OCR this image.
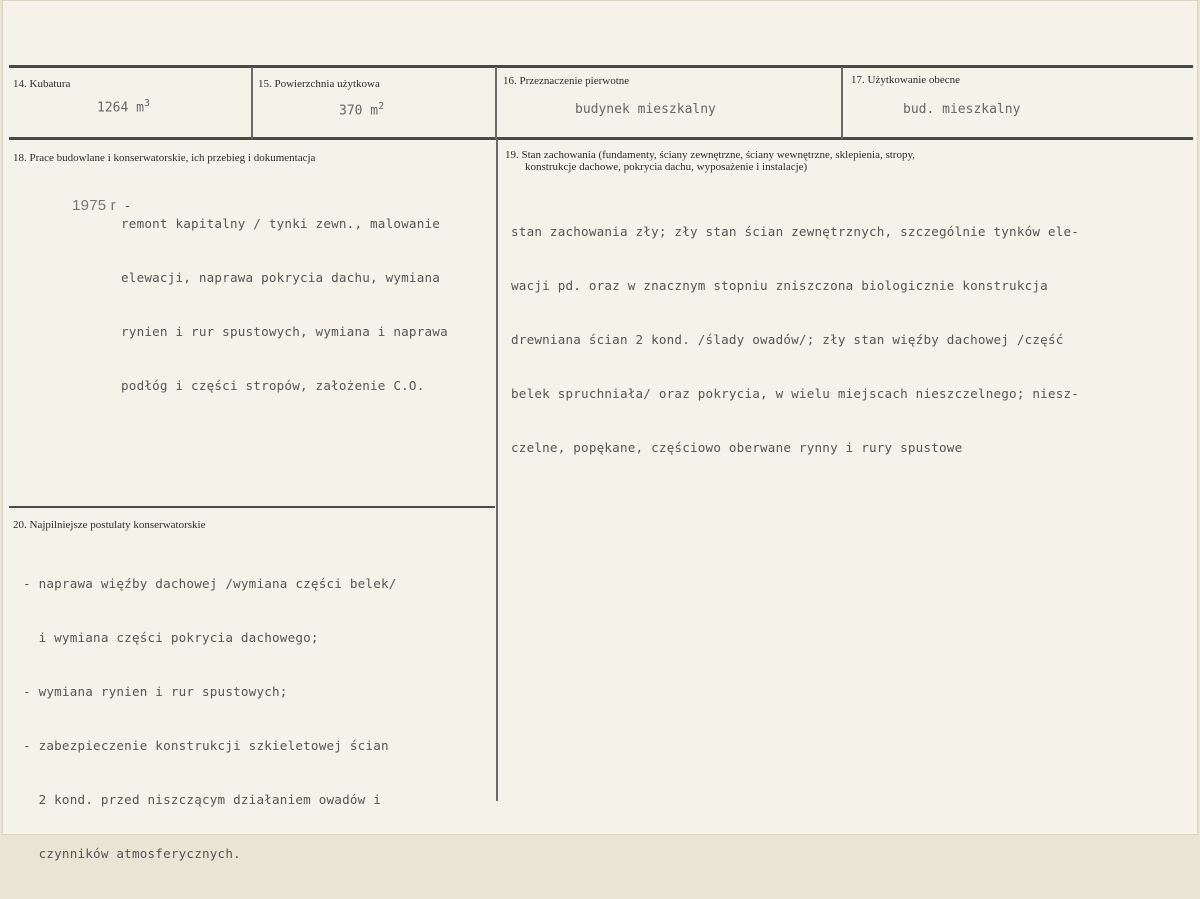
14. Kubatura
1264 $m^3$
15. Powierzchnia użytkowa
370 $m^2$
16. Przeznaczenie pierwotne
budynek mieszkalny
17. Użytkowanie obecne
bud. mieszkalny
18. Prace budowlane i konserwatorskie, ich przebieg i dokumentacja

1975 r -

remont kapitalny / tynki zewn., malowanie

elewacji, naprawa pokrycia dachu, wymiana

rynien i rur spustowych, wymiana i naprawa

podłóg i części stropów, założenie C.O.

19. Stan zachowania (fundamenty, ściany zewnętrzne, ściany wewnętrzne, sklepienia, stropy,
konstrukcje dachowe, pokrycia dachu, wyposażenie i instalacje)

stan zachowania zły; zły stan ścian zewnętrznych, szczególnie tynków ele-

wacji pd. oraz w znacznym stopniu zniszczona biologicznie konstrukcja

drewniana ścian 2 kond. /ślady owadów/; zły stan więźby dachowej /część

belek spruchniała/ oraz pokrycia, w wielu miejscach nieszczelnego; niesz-

czelne, popękane, częściowo oberwane rynny i rury spustowe

20. Najpilniejsze postulaty konserwatorskie

- naprawa więźby dachowej /wymiana części belek/

i wymiana części pokrycia dachowego;

- wymiana rynien i rur spustowych;

- zabezpieczenie konstrukcji szkieletowej ścian

2 kond. przed niszczącym działaniem owadów i

czynników atmosferycznych.
